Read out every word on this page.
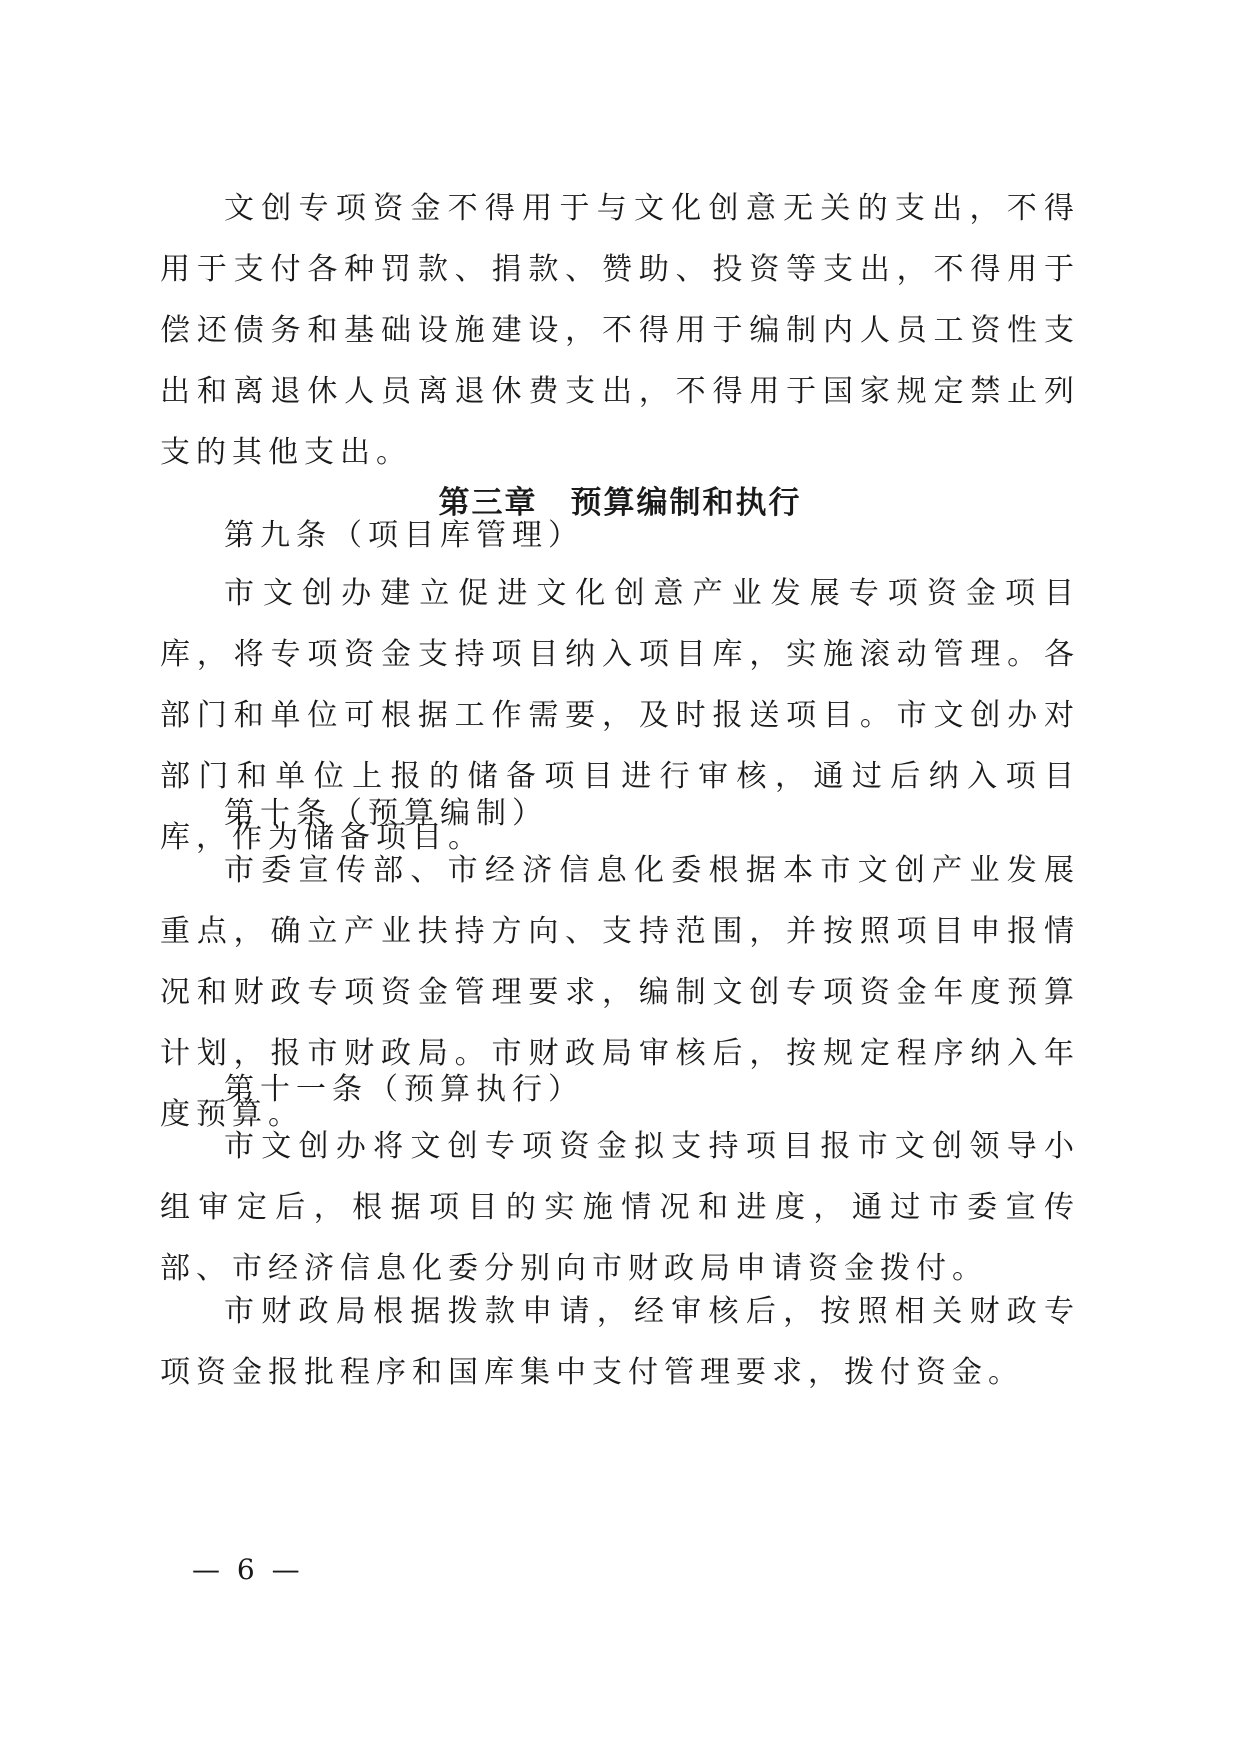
文创专项资金不得用于与文化创意无关的支出，不得用于支付各种罚款、捐款、赞助、投资等支出，不得用于偿还债务和基础设施建设，不得用于编制内人员工资性支出和离退休人员离退休费支出，不得用于国家规定禁止列支的其他支出。

第三章　预算编制和执行

第九条（项目库管理）

市文创办建立促进文化创意产业发展专项资金项目库，将专项资金支持项目纳入项目库，实施滚动管理。各部门和单位可根据工作需要，及时报送项目。市文创办对部门和单位上报的储备项目进行审核，通过后纳入项目库，作为储备项目。

第十条（预算编制）

市委宣传部、市经济信息化委根据本市文创产业发展重点，确立产业扶持方向、支持范围，并按照项目申报情况和财政专项资金管理要求，编制文创专项资金年度预算计划，报市财政局。市财政局审核后，按规定程序纳入年度预算。

第十一条（预算执行）

市文创办将文创专项资金拟支持项目报市文创领导小组审定后，根据项目的实施情况和进度，通过市委宣传部、市经济信息化委分别向市财政局申请资金拨付。

市财政局根据拨款申请，经审核后，按照相关财政专项资金报批程序和国库集中支付管理要求，拨付资金。

— 6 —
